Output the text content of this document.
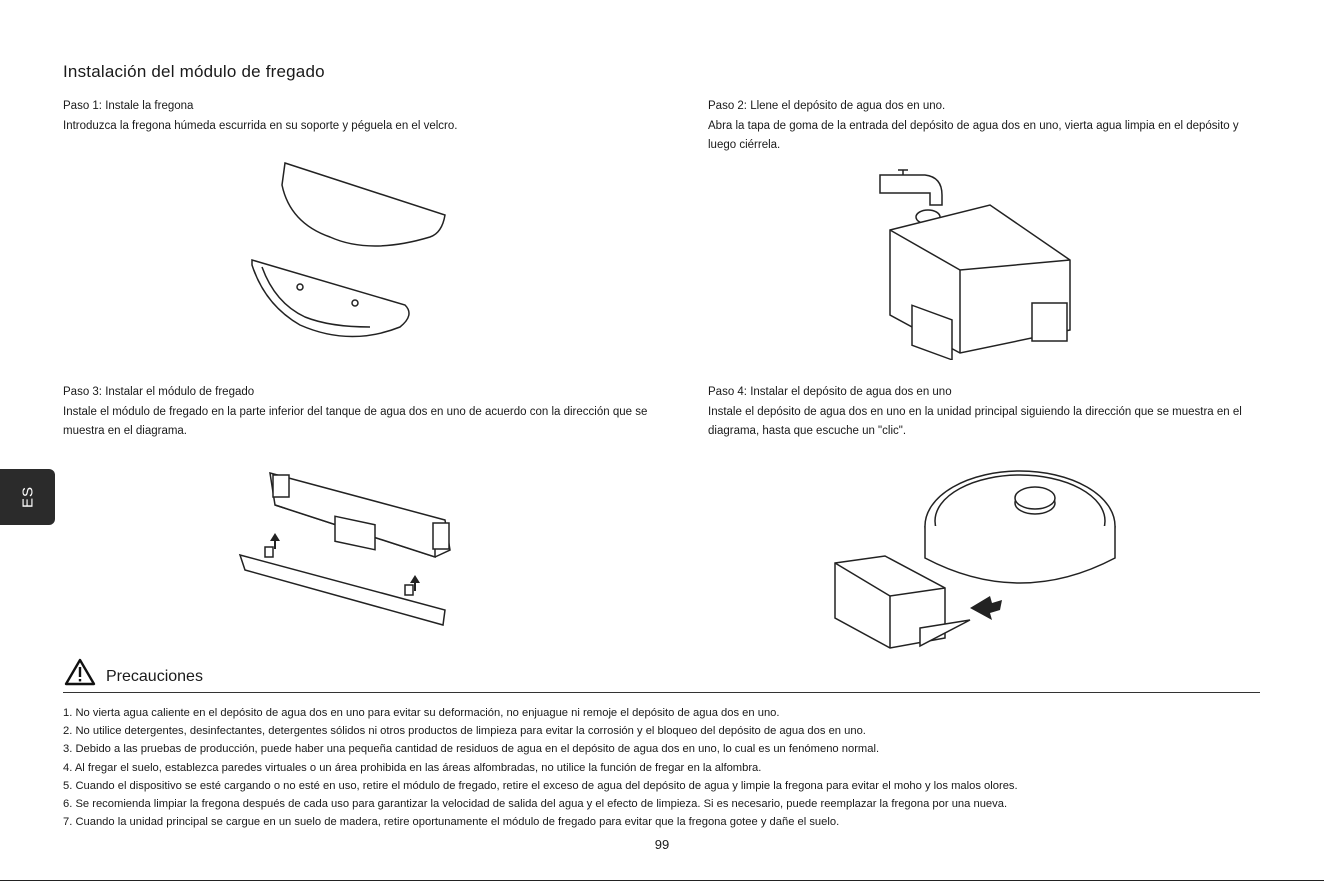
Instalación del módulo de fregado
Paso 1: Instale la fregona
Introduzca la fregona húmeda escurrida en su soporte y péguela en el velcro.
Paso 2: Llene el depósito de agua dos en uno.
Abra la tapa de goma de la entrada del depósito de agua dos en uno, vierta agua limpia en el depósito y luego ciérrela.
Paso 3: Instalar el módulo de fregado
Instale el módulo de fregado en la parte inferior del tanque de agua dos en uno de acuerdo con la dirección que se muestra en el diagrama.
Paso 4: Instalar el depósito de agua dos en uno
Instale el depósito de agua dos en uno en la unidad principal siguiendo la dirección que se muestra en el diagrama, hasta que escuche un "clic".
ES
Precauciones
1. No vierta agua caliente en el depósito de agua dos en uno para evitar su deformación, no enjuague ni remoje el depósito de agua dos en uno.
2. No utilice detergentes, desinfectantes, detergentes sólidos ni otros productos de limpieza para evitar la corrosión y el bloqueo del depósito de agua dos en uno.
3. Debido a las pruebas de producción, puede haber una pequeña cantidad de residuos de agua en el depósito de agua dos en uno, lo cual es un fenómeno normal.
4. Al fregar el suelo, establezca paredes virtuales o un área prohibida en las áreas alfombradas, no utilice la función de fregar en la alfombra.
5. Cuando el dispositivo se esté cargando o no esté en uso, retire el módulo de fregado, retire el exceso de agua del depósito de agua y limpie la fregona para evitar el moho y los malos olores.
6. Se recomienda limpiar la fregona después de cada uso para garantizar la velocidad de salida del agua y el efecto de limpieza. Si es necesario, puede reemplazar la fregona por una nueva.
7. Cuando la unidad principal se cargue en un suelo de madera, retire oportunamente el módulo de fregado para evitar que la fregona gotee y dañe el suelo.
99
